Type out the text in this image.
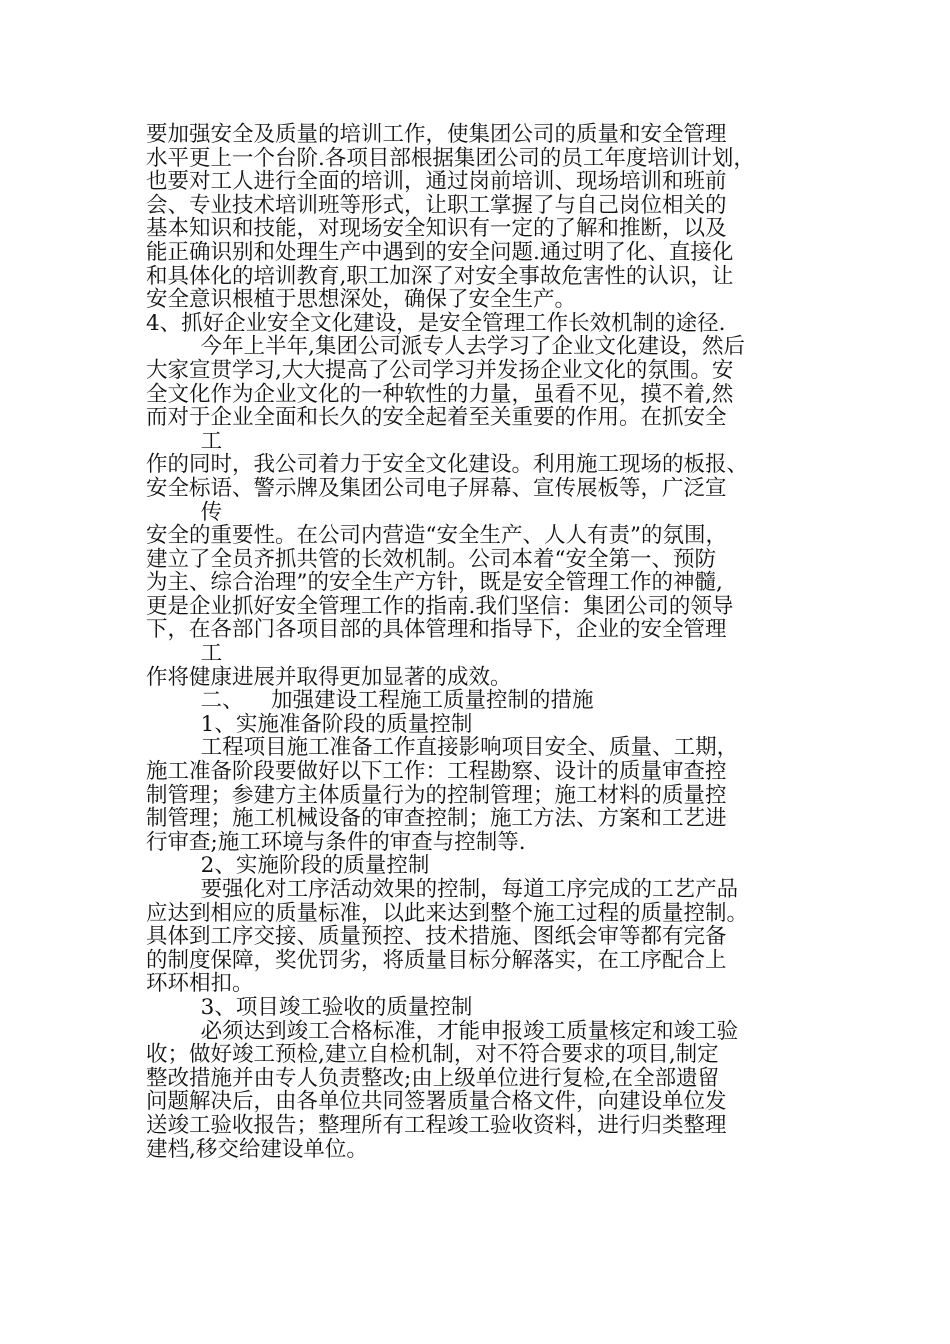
要加强安全及质量的培训工作，使集团公司的质量和安全管理
水平更上一个台阶.各项目部根据集团公司的员工年度培训计划，
也要对工人进行全面的培训，通过岗前培训、现场培训和班前
会、专业技术培训班等形式，让职工掌握了与自己岗位相关的
基本知识和技能，对现场安全知识有一定的了解和推断，以及
能正确识别和处理生产中遇到的安全问题.通过明了化、直接化
和具体化的培训教育,职工加深了对安全事故危害性的认识，让
安全意识根植于思想深处，确保了安全生产。
4、抓好企业安全文化建设，是安全管理工作长效机制的途径.
今年上半年,集团公司派专人去学习了企业文化建设，然后
大家宣贯学习,大大提高了公司学习并发扬企业文化的氛围。安
全文化作为企业文化的一种软性的力量，虽看不见，摸不着,然
而对于企业全面和长久的安全起着至关重要的作用。在抓安全
工
作的同时，我公司着力于安全文化建设。利用施工现场的板报、
安全标语、警示牌及集团公司电子屏幕、宣传展板等，广泛宣
传
安全的重要性。在公司内营造“安全生产、人人有责”的氛围，
建立了全员齐抓共管的长效机制。公司本着“安全第一、预防
为主、综合治理”的安全生产方针，既是安全管理工作的神髓,
更是企业抓好安全管理工作的指南.我们坚信：集团公司的领导
下，在各部门各项目部的具体管理和指导下，企业的安全管理
工
作将健康进展并取得更加显著的成效。
二、    加强建设工程施工质量控制的措施
1、实施准备阶段的质量控制
工程项目施工准备工作直接影响项目安全、质量、工期，
施工准备阶段要做好以下工作：工程勘察、设计的质量审查控
制管理；参建方主体质量行为的控制管理；施工材料的质量控
制管理；施工机械设备的审查控制；施工方法、方案和工艺进
行审查;施工环境与条件的审查与控制等.
2、实施阶段的质量控制
要强化对工序活动效果的控制，每道工序完成的工艺产品
应达到相应的质量标准，以此来达到整个施工过程的质量控制。
具体到工序交接、质量预控、技术措施、图纸会审等都有完备
的制度保障，奖优罚劣，将质量目标分解落实，在工序配合上
环环相扣。
3、项目竣工验收的质量控制
必须达到竣工合格标准，才能申报竣工质量核定和竣工验
收；做好竣工预检,建立自检机制，对不符合要求的项目,制定
整改措施并由专人负责整改;由上级单位进行复检,在全部遗留
问题解决后，由各单位共同签署质量合格文件，向建设单位发
送竣工验收报告；整理所有工程竣工验收资料，进行归类整理
建档,移交给建设单位。
